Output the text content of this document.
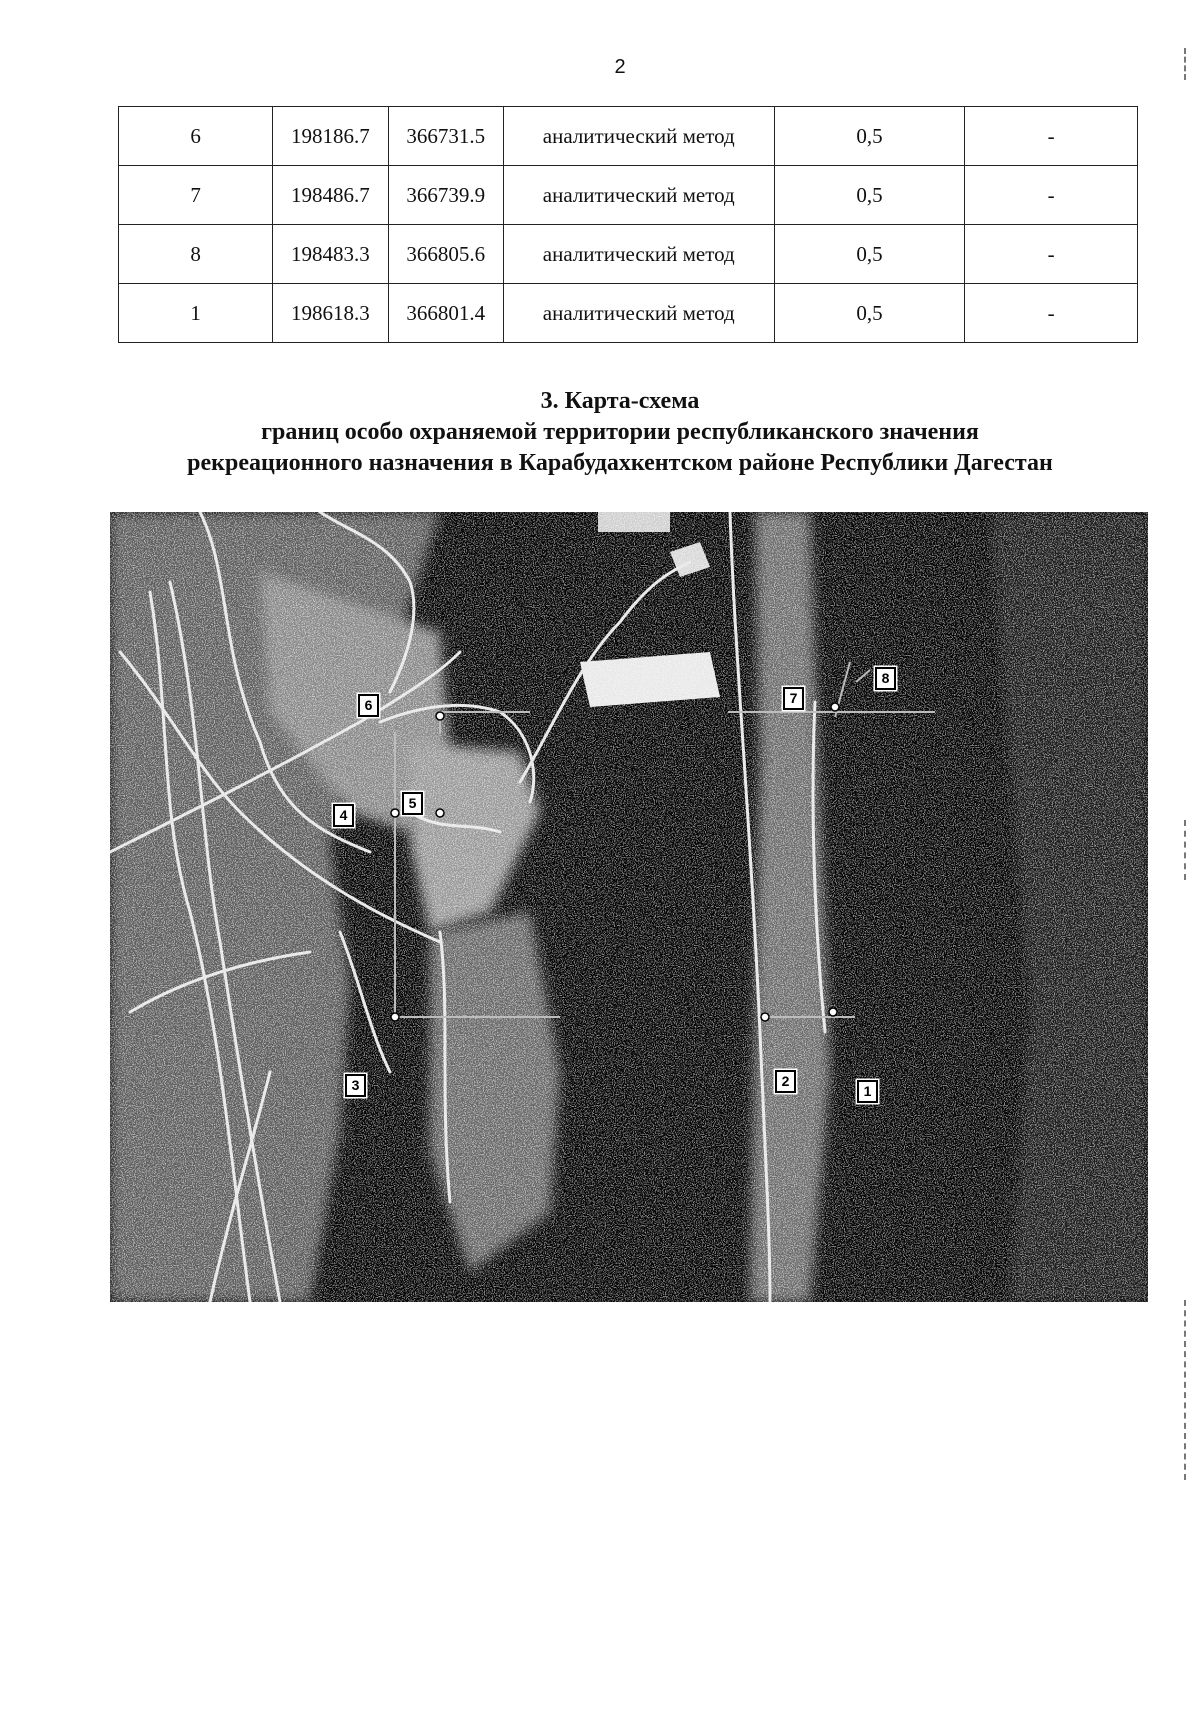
2
6	198186.7	366731.5	аналитический метод	0,5	-
7	198486.7	366739.9	аналитический метод	0,5	-
8	198483.3	366805.6	аналитический метод	0,5	-
1	198618.3	366801.4	аналитический метод	0,5	-
3. Карта-схема
границ особо охраняемой территории республиканского значения
рекреационного назначения в Карабудахкентском районе Республики Дагестан
6
4
5
3	2
1
7
8
